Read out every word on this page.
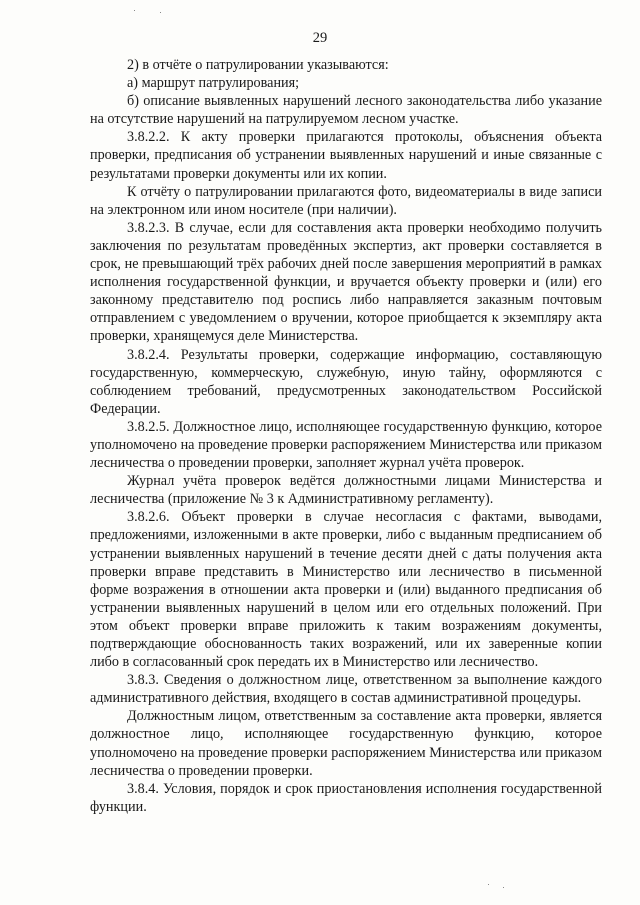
29

2) в отчёте о патрулировании указываются:

а) маршрут патрулирования;

б) описание выявленных нарушений лесного законодательства либо указание на отсутствие нарушений на патрулируемом лесном участке.

3.8.2.2. К акту проверки прилагаются протоколы, объяснения объекта проверки, предписания об устранении выявленных нарушений и иные связанные с результатами проверки документы или их копии.

К отчёту о патрулировании прилагаются фото, видеоматериалы в виде записи на электронном или ином носителе (при наличии).

3.8.2.3. В случае, если для составления акта проверки необходимо получить заключения по результатам проведённых экспертиз, акт проверки составляется в срок, не превышающий трёх рабочих дней после завершения мероприятий в рамках исполнения государственной функции, и вручается объекту проверки и (или) его законному представителю под роспись либо направляется заказным почтовым отправлением с уведомлением о вручении, которое приобщается к экземпляру акта проверки, хранящемуся деле Министерства.

3.8.2.4. Результаты проверки, содержащие информацию, составляющую государственную, коммерческую, служебную, иную тайну, оформляются с соблюдением требований, предусмотренных законодательством Российской Федерации.

3.8.2.5. Должностное лицо, исполняющее государственную функцию, которое уполномочено на проведение проверки распоряжением Министерства или приказом лесничества о проведении проверки, заполняет журнал учёта проверок.

Журнал учёта проверок ведётся должностными лицами Министерства и лесничества (приложение № 3 к Административному регламенту).

3.8.2.6. Объект проверки в случае несогласия с фактами, выводами, предложениями, изложенными в акте проверки, либо с выданным предписанием об устранении выявленных нарушений в течение десяти дней с даты получения акта проверки вправе представить в Министерство или лесничество в письменной форме возражения в отношении акта проверки и (или) выданного предписания об устранении выявленных нарушений в целом или его отдельных положений. При этом объект проверки вправе приложить к таким возражениям документы, подтверждающие обоснованность таких возражений, или их заверенные копии либо в согласованный срок передать их в Министерство или лесничество.

3.8.3. Сведения о должностном лице, ответственном за выполнение каждого административного действия, входящего в состав административной процедуры.

Должностным лицом, ответственным за составление акта проверки, является должностное лицо, исполняющее государственную функцию, которое уполномочено на проведение проверки распоряжением Министерства или приказом лесничества о проведении проверки.

3.8.4. Условия, порядок и срок приостановления исполнения государственной функции.
